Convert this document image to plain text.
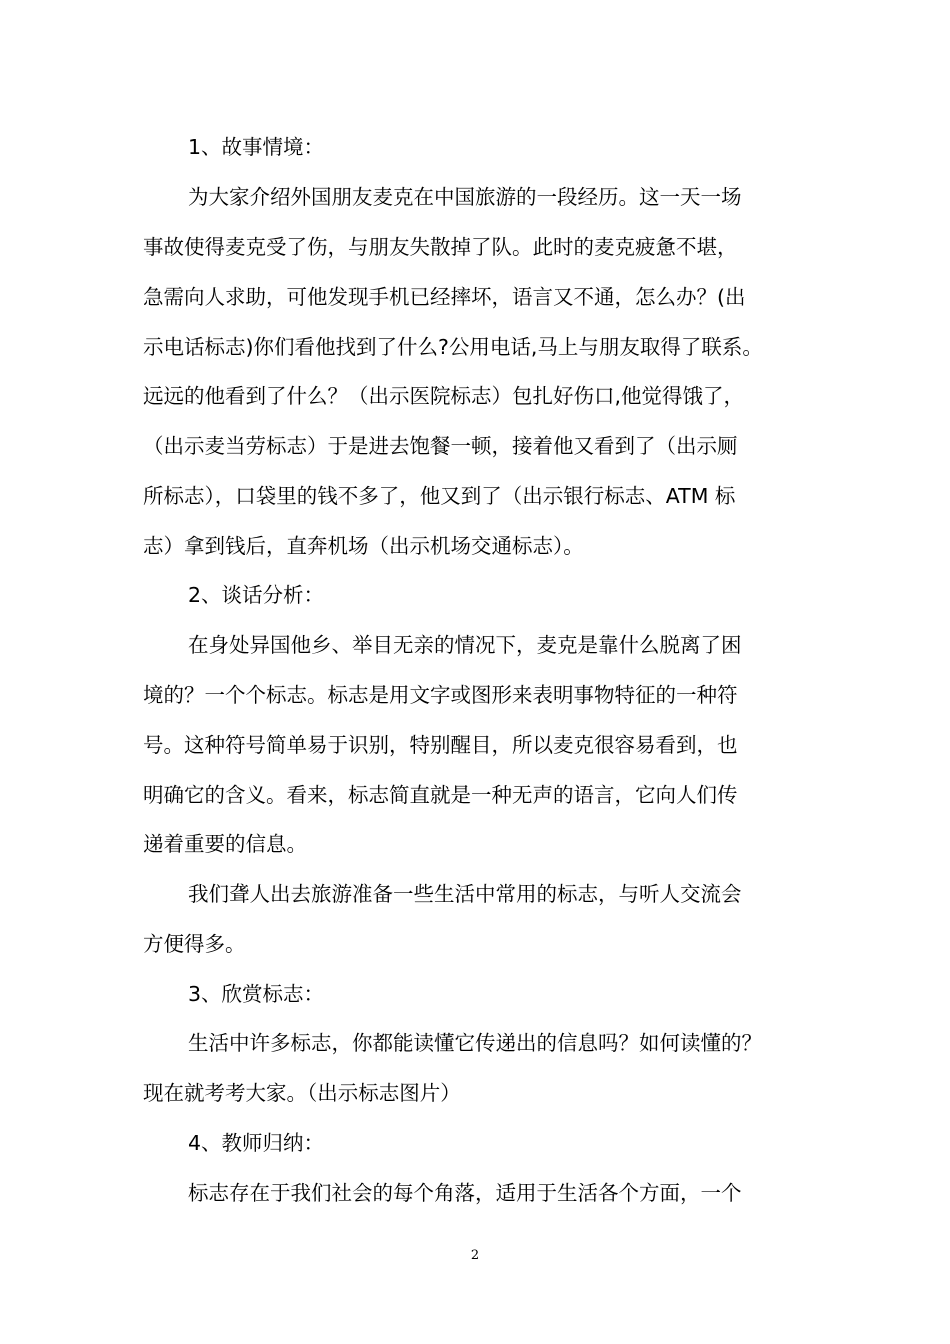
1、故事情境：
为大家介绍外国朋友麦克在中国旅游的一段经历。这一天一场
事故使得麦克受了伤，与朋友失散掉了队。此时的麦克疲惫不堪，
急需向人求助，可他发现手机已经摔坏，语言又不通，怎么办？(出
示电话标志)你们看他找到了什么?公用电话,马上与朋友取得了联系。
远远的他看到了什么？（出示医院标志）包扎好伤口,他觉得饿了，
（出示麦当劳标志）于是进去饱餐一顿，接着他又看到了（出示厕
所标志），口袋里的钱不多了，他又到了（出示银行标志、ATM 标
志）拿到钱后，直奔机场（出示机场交通标志）。
2、谈话分析：
在身处异国他乡、举目无亲的情况下，麦克是靠什么脱离了困
境的？一个个标志。标志是用文字或图形来表明事物特征的一种符
号。这种符号简单易于识别，特别醒目，所以麦克很容易看到，也
明确它的含义。看来，标志简直就是一种无声的语言，它向人们传
递着重要的信息。
我们聋人出去旅游准备一些生活中常用的标志，与听人交流会
方便得多。
3、欣赏标志：
生活中许多标志，你都能读懂它传递出的信息吗？如何读懂的？
现在就考考大家。（出示标志图片）
4、教师归纳：
标志存在于我们社会的每个角落，适用于生活各个方面，一个
2
